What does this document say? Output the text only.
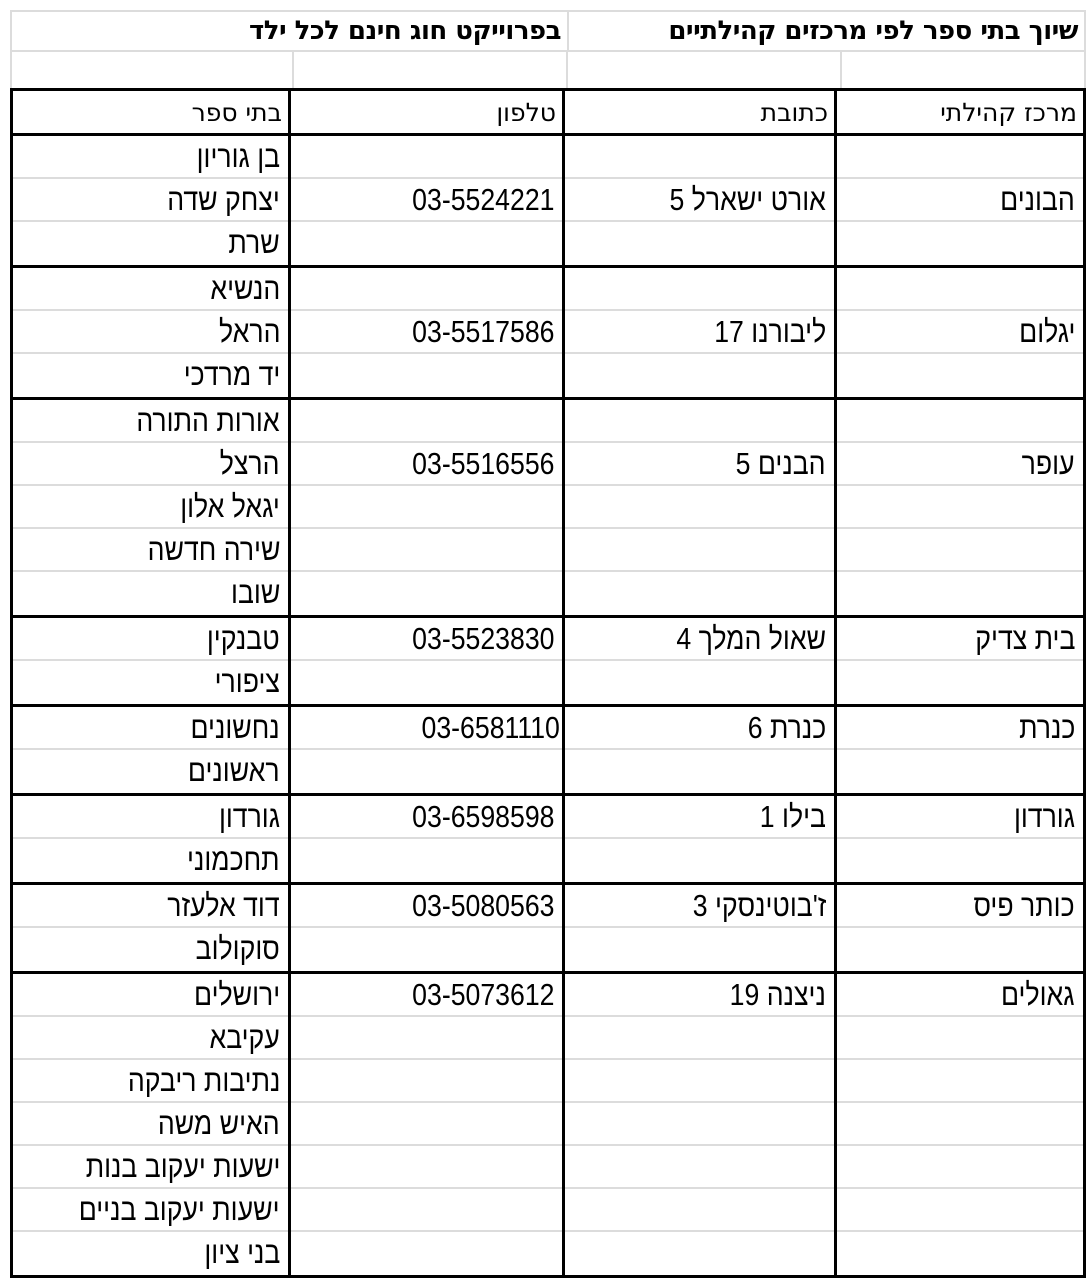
שיוך בתי ספר לפי מרכזים קהילתיים
בפרוייקט חוג חינם לכל ילד
מרכז קהילתי
כתובת
טלפון
בתי ספר
הבונים
אורט ישארל 5
03-5524221
בן גוריון
יצחק שדה
שרת
יגלום
ליבורנו 17
03-5517586
הנשיא
הראל
יד מרדכי
עופר
הבנים 5
03-5516556
אורות התורה
הרצל
יגאל אלון
שירה חדשה
שובו
בית צדיק
שאול המלך 4
03-5523830
טבנקין
ציפורי
כנרת
כנרת 6
03-6581110
נחשונים
ראשונים
גורדון
בילו 1
03-6598598
גורדון
תחכמוני
כותר פיס
ז'בוטינסקי 3
03-5080563
דוד אלעזר
סוקולוב
גאולים
ניצנה 19
03-5073612
ירושלים
עקיבא
נתיבות ריבקה
האיש משה
ישעות יעקוב בנות
ישעות יעקוב בניים
בני ציון
